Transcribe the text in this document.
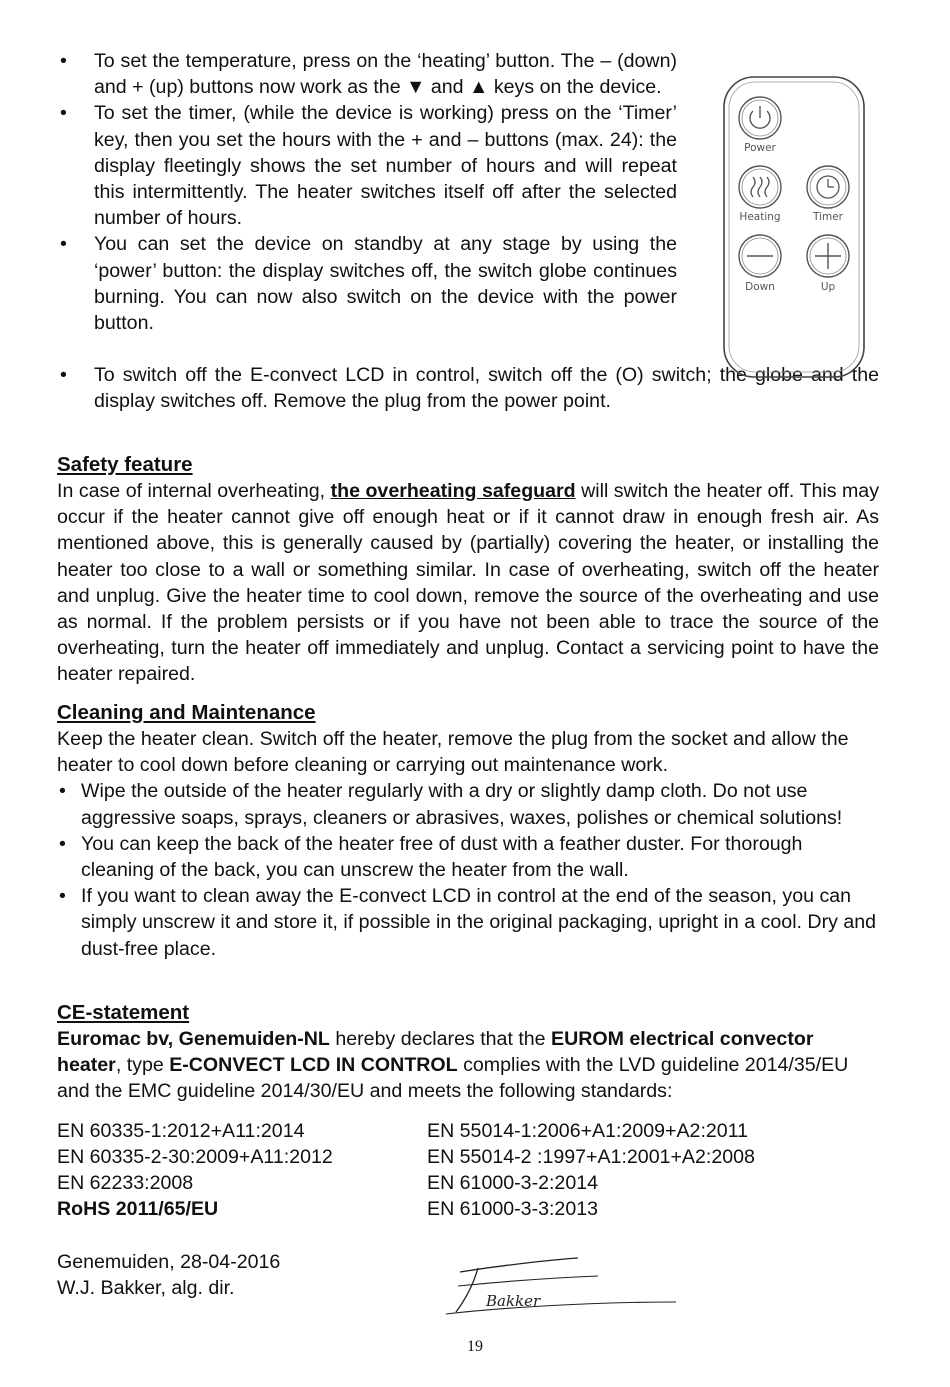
• To set the temperature, press on the ‘heating’ button. The – (down) and + (up) buttons now work as the ▼ and ▲ keys on the device.
• To set the timer, (while the device is working) press on the ‘Timer’ key, then you set the hours with the + and – buttons (max. 24): the display fleetingly shows the set number of hours and will repeat this intermittently. The heater switches itself off after the selected number of hours.
• You can set the device on standby at any stage by using the ‘power’ button: the display switches off, the switch globe continues burning. You can now also switch on the device with the power button.
• To switch off the E-convect LCD in control, switch off the (O) switch; the globe and the display switches off. Remove the plug from the power point.
Power
Heating	Timer
Down	Up
Safety feature

In case of internal overheating, the overheating safeguard will switch the heater off. This may occur if the heater cannot give off enough heat or if it cannot draw in enough fresh air. As mentioned above, this is generally caused by (partially) covering the heater, or installing the heater too close to a wall or something similar. In case of overheating, switch off the heater and unplug. Give the heater time to cool down, remove the source of the overheating and use as normal. If the problem persists or if you have not been able to trace the source of the overheating, turn the heater off immediately and unplug. Contact a servicing point to have the heater repaired.

Cleaning and Maintenance

Keep the heater clean. Switch off the heater, remove the plug from the socket and allow the heater to cool down before cleaning or carrying out maintenance work.

• Wipe the outside of the heater regularly with a dry or slightly damp cloth. Do not use aggressive soaps, sprays, cleaners or abrasives, waxes, polishes or chemical solutions!
• You can keep the back of the heater free of dust with a feather duster. For thorough cleaning of the back, you can unscrew the heater from the wall.
• If you want to clean away the E-convect LCD in control at the end of the season, you can simply unscrew it and store it, if possible in the original packaging, upright in a cool. Dry and dust-free place.
CE-statement

Euromac bv, Genemuiden-NL hereby declares that the EUROM electrical convector heater, type E-CONVECT LCD IN CONTROL complies with the LVD guideline 2014/35/EU and the EMC guideline 2014/30/EU and meets the following standards:

EN 60335-1:2012+A11:2014
EN 60335-2-30:2009+A11:2012
EN 62233:2008
RoHS 2011/65/EU
EN 55014-1:2006+A1:2009+A2:2011
EN 55014-2 :1997+A1:2001+A2:2008
EN 61000-3-2:2014
EN 61000-3-3:2013
Genemuiden, 28-04-2016
W.J. Bakker, alg. dir.
Bakker
19
